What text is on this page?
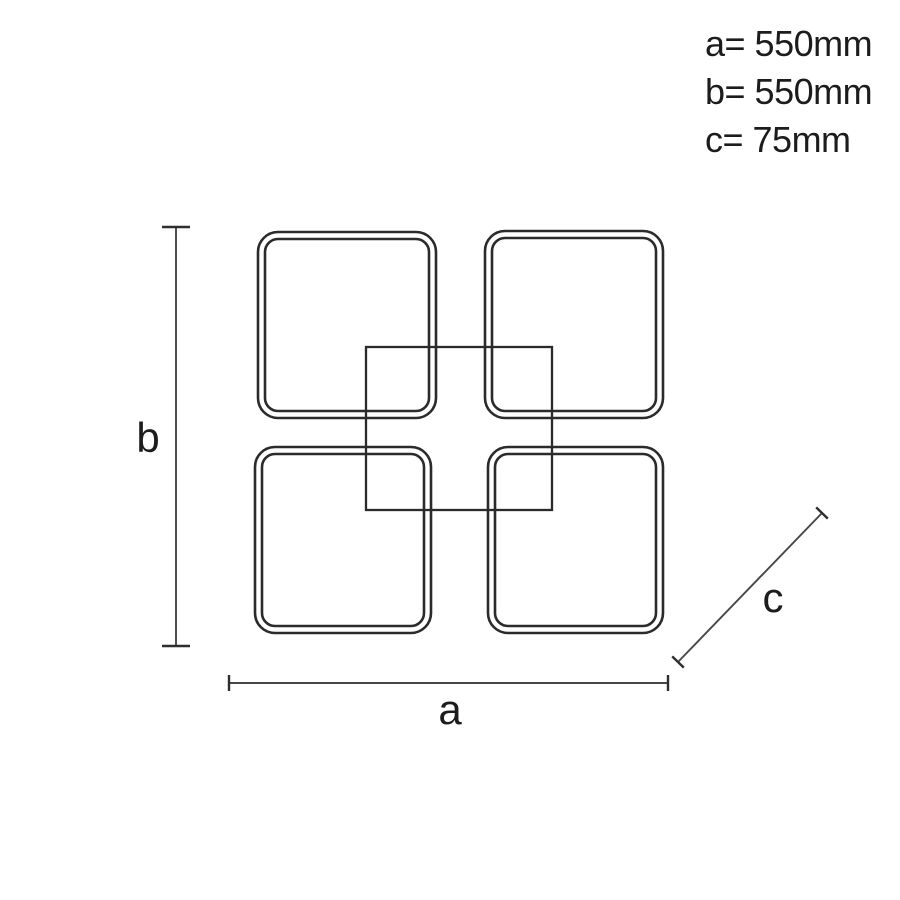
a= 550mm
b= 550mm
c= 75mm
b
a
c
